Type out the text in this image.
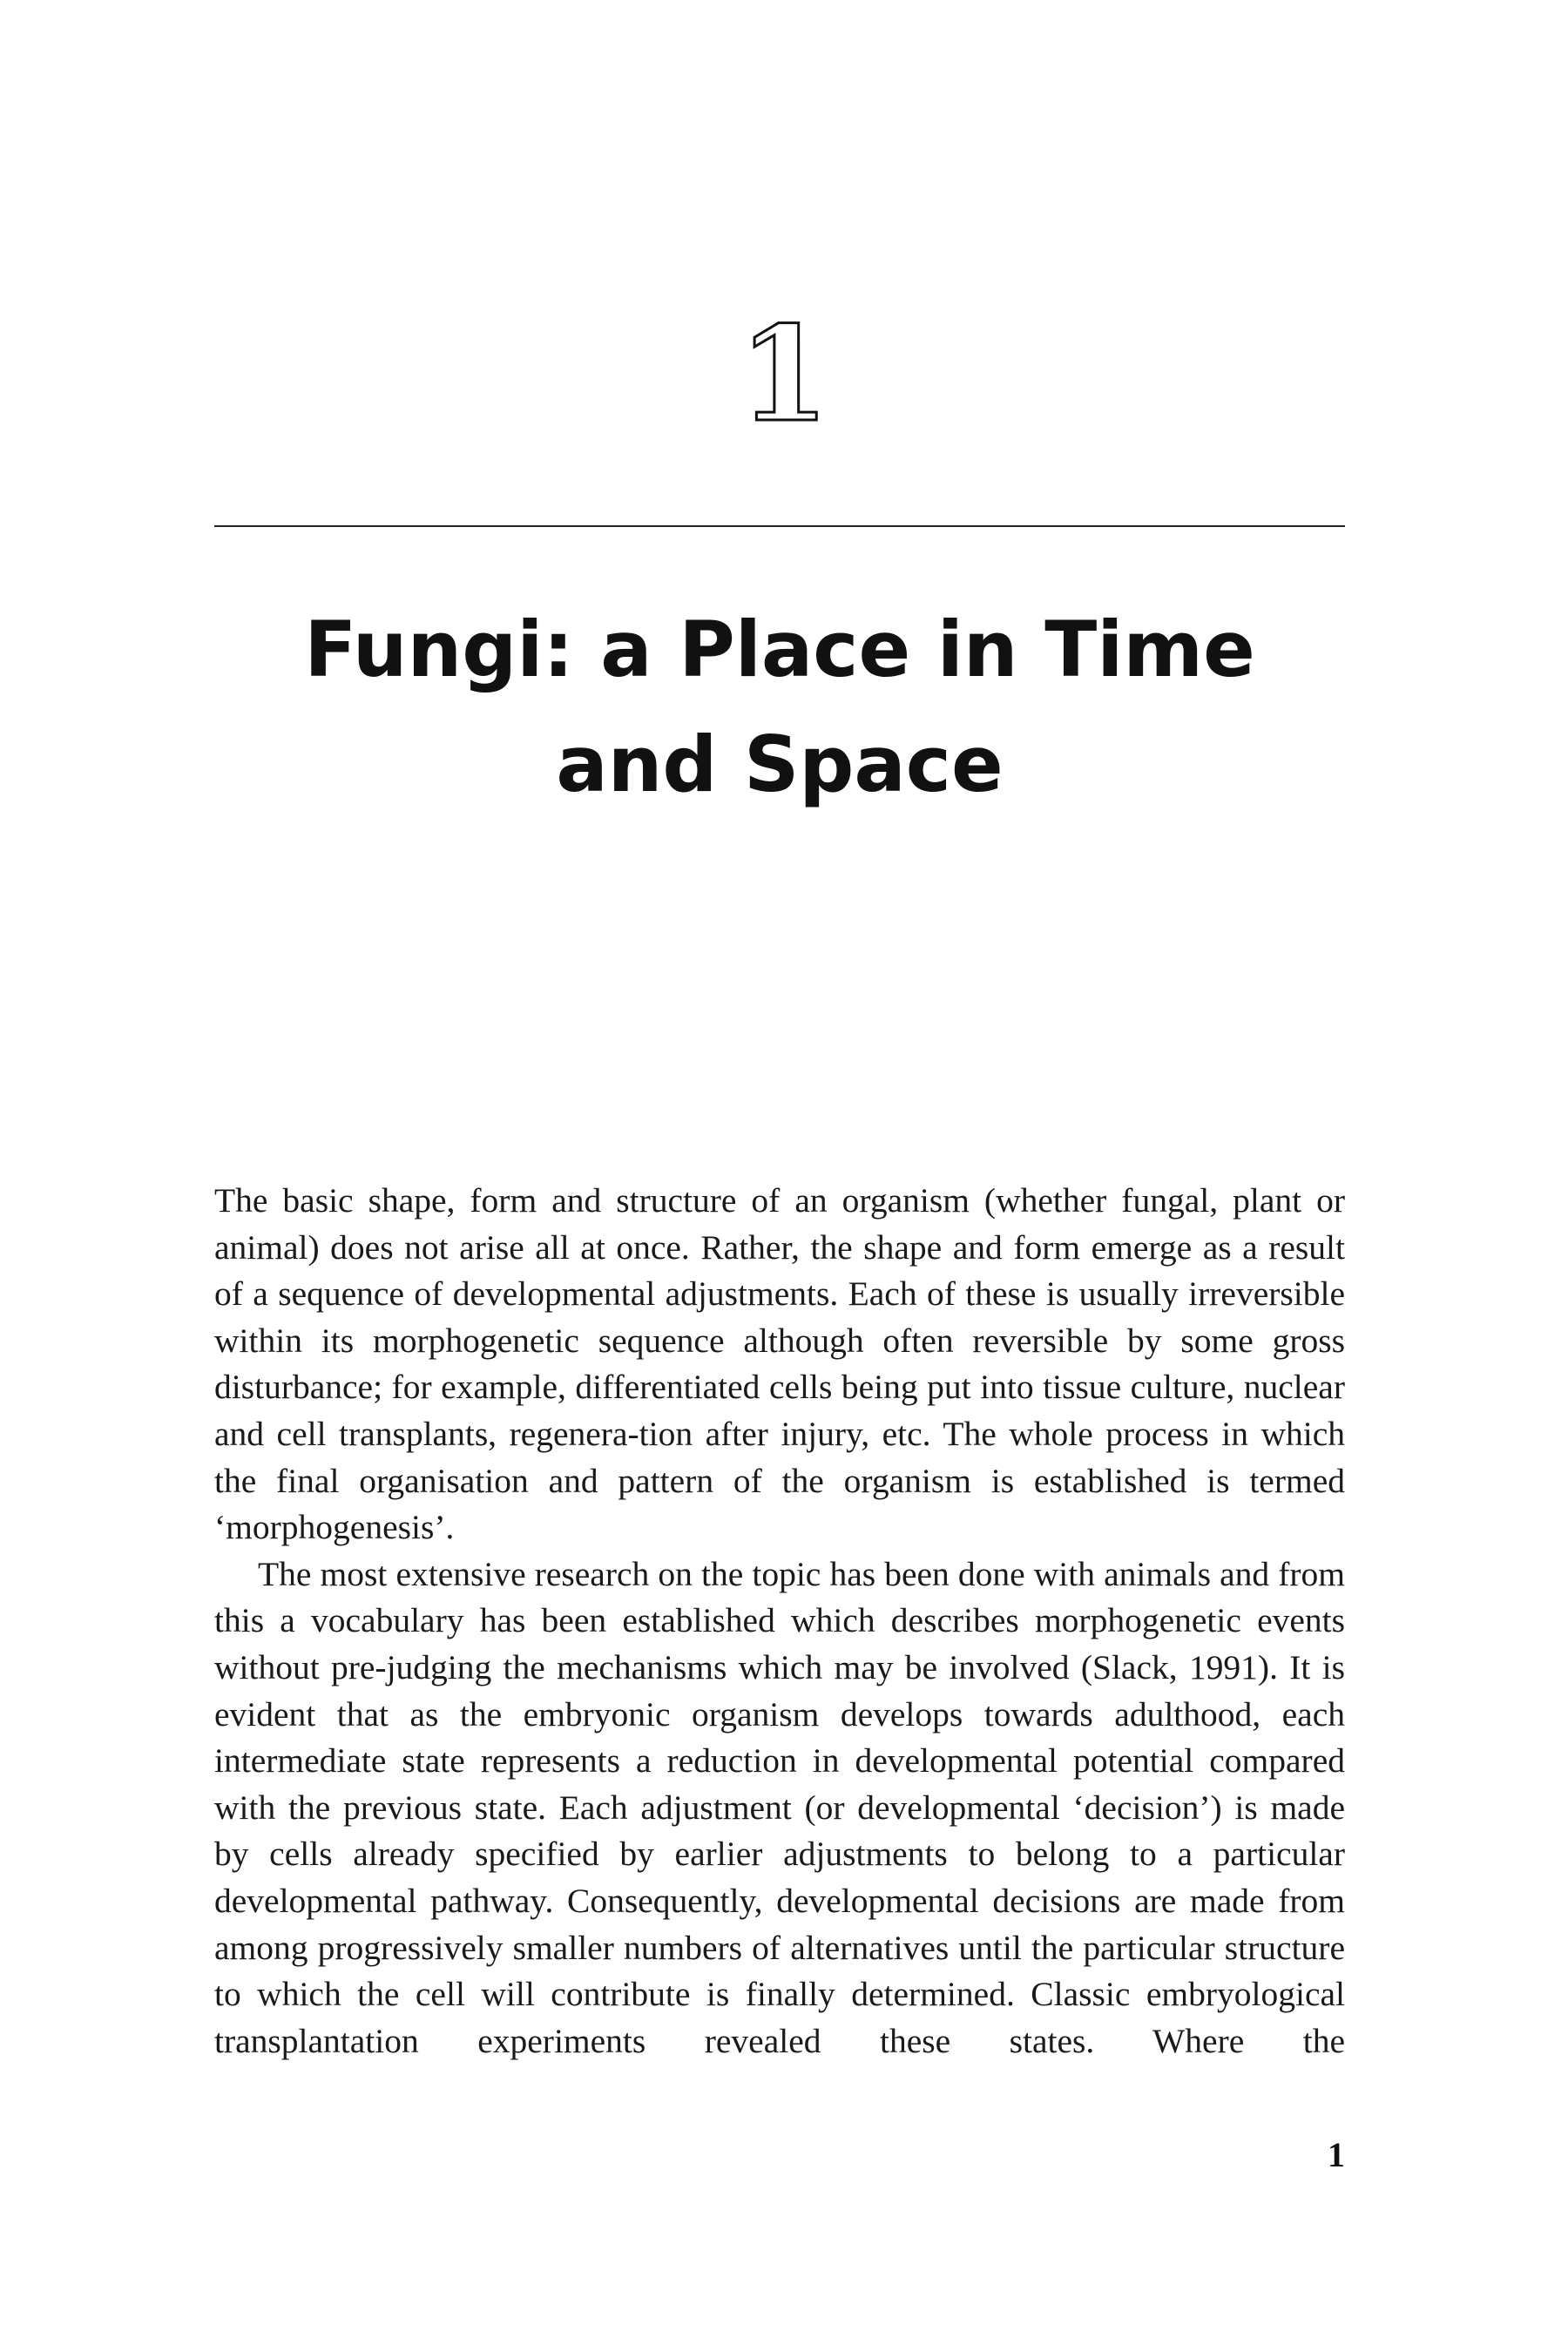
1
Fungi: a Place in Time and Space

The basic shape, form and structure of an organism (whether fungal, plant or animal) does not arise all at once. Rather, the shape and form emerge as a result of a sequence of developmental adjustments. Each of these is usually irreversible within its morphogenetic sequence although often reversible by some gross disturbance; for example, differentiated cells being put into tissue culture, nuclear and cell transplants, regenera-tion after injury, etc. The whole process in which the final organisation and pattern of the organism is established is termed ‘morphogenesis’.

The most extensive research on the topic has been done with animals and from this a vocabulary has been established which describes morphogenetic events without pre-judging the mechanisms which may be involved (Slack, 1991). It is evident that as the embryonic organism develops towards adulthood, each intermediate state represents a reduction in developmental potential compared with the previous state. Each adjustment (or developmental ‘decision’) is made by cells already specified by earlier adjustments to belong to a particular developmental pathway. Consequently, developmental decisions are made from among progressively smaller numbers of alternatives until the particular structure to which the cell will contribute is finally determined. Classic embryological transplantation experiments revealed these states. Where the

1
